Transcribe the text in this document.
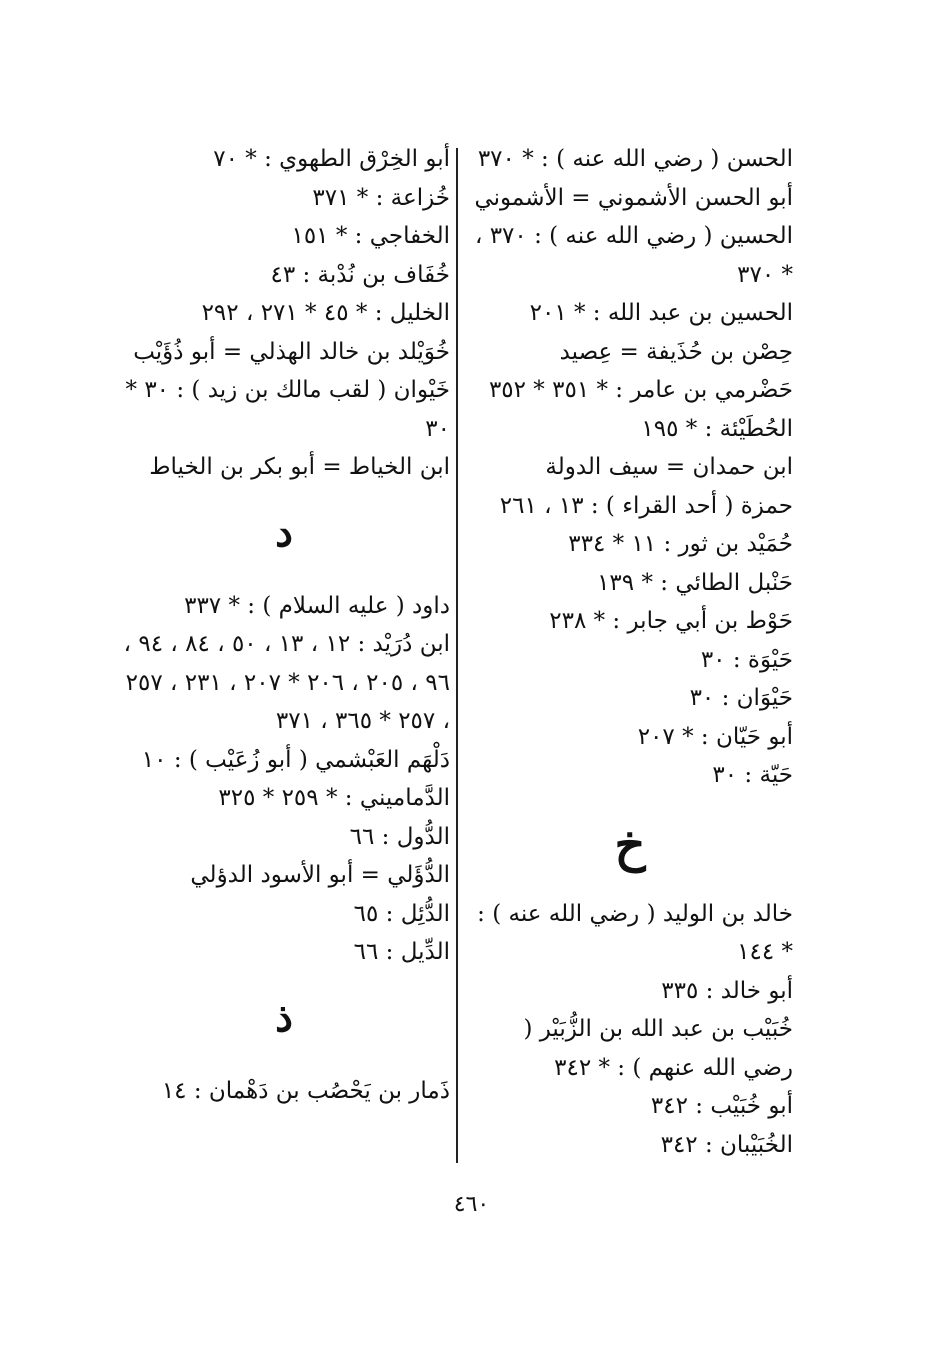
الحسن ( رضي الله عنه ) : * ٣٧٠

أبو الحسن الأشموني = الأشموني

الحسين ( رضي الله عنه ) : ٣٧٠ ، * ٣٧٠

الحسين بن عبد الله : * ٢٠١

حِصْن بن حُذَيفة = عِصيد

حَضْرمي بن عامر : * ٣٥١ * ٣٥٢

الحُطَيْئة : * ١٩٥

ابن حمدان = سيف الدولة

حمزة ( أحد القراء ) : ١٣ ، ٢٦١

حُمَيْد بن ثور : ١١ * ٣٣٤

حَنْبل الطائي : * ١٣٩

حَوْط بن أبي جابر : * ٢٣٨

حَيْوَة : ٣٠

حَيْوَان : ٣٠

أبو حَيّان : * ٢٠٧

حَيّة : ٣٠

خ

خالد بن الوليد ( رضي الله عنه ) : * ١٤٤

أبو خالد : ٣٣٥

خُبَيْب بن عبد الله بن الزُّبَيْر ( رضي الله عنهم ) : * ٣٤٢

أبو خُبَيْب : ٣٤٢

الخُبَيْبان : ٣٤٢

أبو الخِرْق الطهوي : * ٧٠

خُزاعة : * ٣٧١

الخفاجي : * ١٥١

خُفَاف بن نُدْبة : ٤٣

الخليل : * ٤٥ * ٢٧١ ، ٢٩٢

خُوَيْلد بن خالد الهذلي = أبو ذُؤَيْب

خَيْوان ( لقب مالك بن زيد ) : ٣٠ * ٣٠

ابن الخياط = أبو بكر بن الخياط

د

داود ( عليه السلام ) : * ٣٣٧

ابن دُرَيْد : ١٢ ، ١٣ ، ٥٠ ، ٨٤ ، ٩٤ ، ٩٦ ، ٢٠٥ ، ٢٠٦ * ٢٠٧ ، ٢٣١ ، ٢٥٧ ، ٢٥٧ * ٣٦٥ ، ٣٧١

دَلْهَم العَبْشمي ( أبو زُعَيْب ) : ١٠

الدَّماميني : * ٢٥٩ * ٣٢٥

الدُّول : ٦٦

الدُّؤَلي = أبو الأسود الدؤلي

الدُّئِل : ٦٥

الدِّيل : ٦٦

ذ

ذَمار بن يَحْصُب بن دَهْمان : ١٤

٤٦٠
